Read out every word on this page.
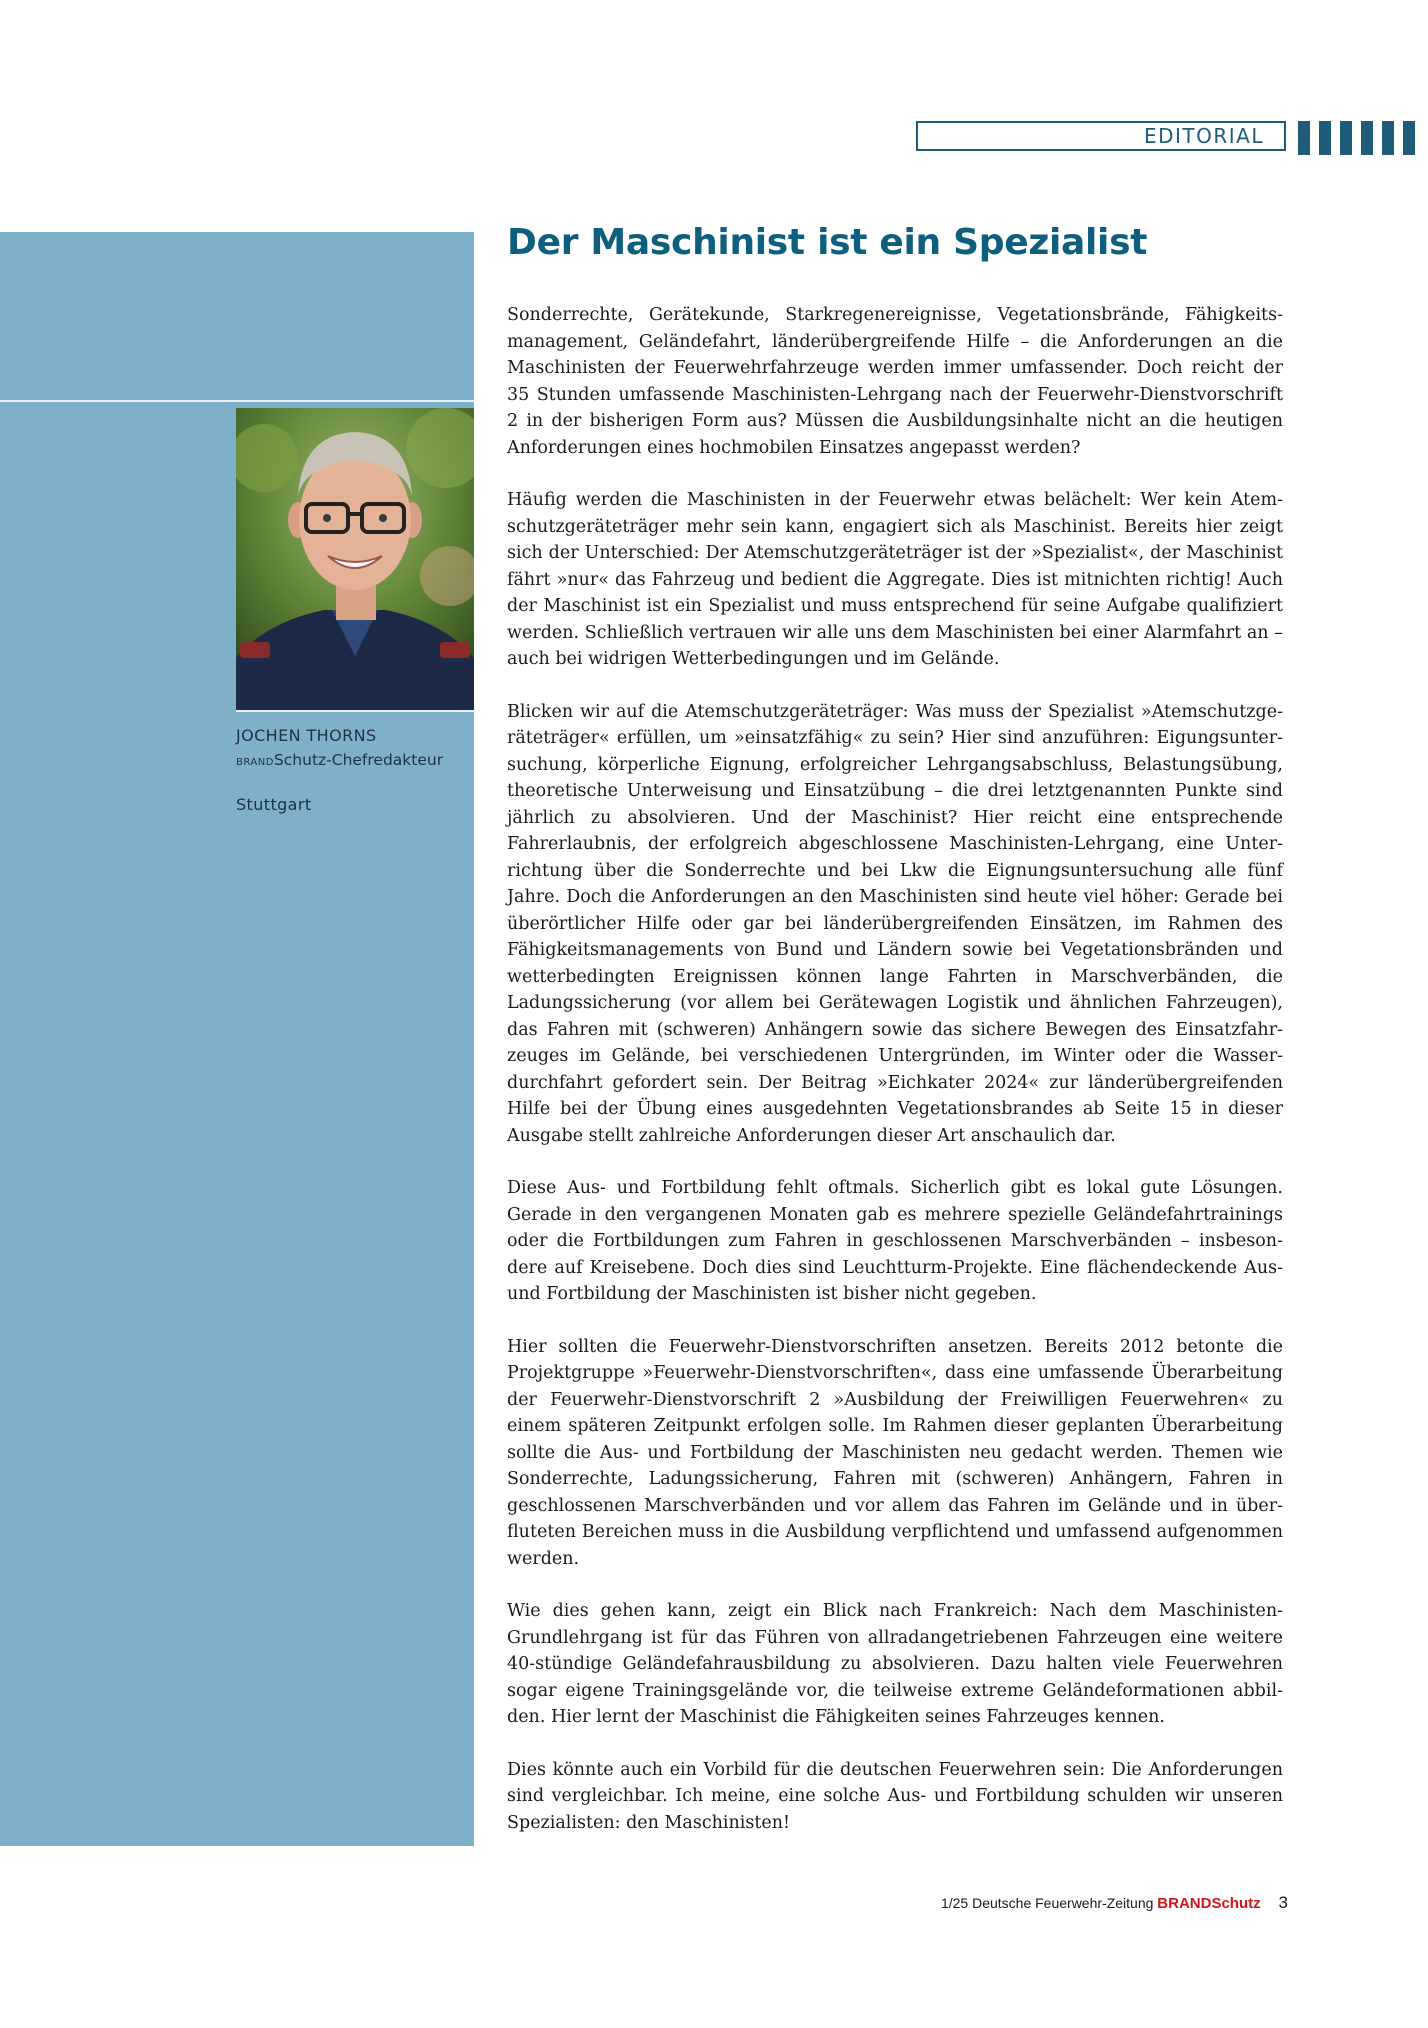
EDITORIAL
JOCHEN THORNS
BRANDSchutz-Chefredakteur
Stuttgart
Der Maschinist ist ein Spezialist

Sonderrechte, Gerätekunde, Starkregenereignisse, Vegetationsbrände, Fähigkeitsmanagement, Geländefahrt, länderübergreifende Hilfe – die Anforderungen an die Maschinisten der Feuerwehrfahrzeuge werden immer umfassender. Doch reicht der 35 Stunden umfassende Maschinisten-Lehrgang nach der Feuerwehr-Dienstvorschrift 2 in der bisherigen Form aus? Müssen die Ausbildungsinhalte nicht an die heutigen Anforderungen eines hochmobilen Einsatzes angepasst werden?

Häufig werden die Maschinisten in der Feuerwehr etwas belächelt: Wer kein Atemschutzgeräteträger mehr sein kann, engagiert sich als Maschinist. Bereits hier zeigt sich der Unterschied: Der Atemschutzgeräteträger ist der »Spezialist«, der Maschinist fährt »nur« das Fahrzeug und bedient die Aggregate. Dies ist mitnichten richtig! Auch der Maschinist ist ein Spezialist und muss entsprechend für seine Aufgabe qualifiziert werden. Schließlich vertrauen wir alle uns dem Maschinisten bei einer Alarmfahrt an – auch bei widrigen Wetterbedingungen und im Gelände.

Blicken wir auf die Atemschutzgeräteträger: Was muss der Spezialist »Atemschutzgeräteträger« erfüllen, um »einsatzfähig« zu sein? Hier sind anzuführen: Eigungsuntersuchung, körperliche Eignung, erfolgreicher Lehrgangsabschluss, Belastungsübung, theoretische Unterweisung und Einsatzübung – die drei letztgenannten Punkte sind jährlich zu absolvieren. Und der Maschinist? Hier reicht eine entsprechende Fahrerlaubnis, der erfolgreich abgeschlossene Maschinisten-Lehrgang, eine Unterrichtung über die Sonderrechte und bei Lkw die Eignungsuntersuchung alle fünf Jahre. Doch die Anforderungen an den Maschinisten sind heute viel höher: Gerade bei überörtlicher Hilfe oder gar bei länderübergreifenden Einsätzen, im Rahmen des Fähigkeitsmanagements von Bund und Ländern sowie bei Vegetationsbränden und wetterbedingten Ereignissen können lange Fahrten in Marschverbänden, die Ladungssicherung (vor allem bei Gerätewagen Logistik und ähnlichen Fahrzeugen), das Fahren mit (schweren) Anhängern sowie das sichere Bewegen des Einsatzfahrzeuges im Gelände, bei verschiedenen Untergründen, im Winter oder die Wasserdurchfahrt gefordert sein. Der Beitrag »Eichkater 2024« zur länderübergreifenden Hilfe bei der Übung eines ausgedehnten Vegetationsbrandes ab Seite 15 in dieser Ausgabe stellt zahlreiche Anforderungen dieser Art anschaulich dar.

Diese Aus- und Fortbildung fehlt oftmals. Sicherlich gibt es lokal gute Lösungen. Gerade in den vergangenen Monaten gab es mehrere spezielle Geländefahrtrainings oder die Fortbildungen zum Fahren in geschlossenen Marschverbänden – insbesondere auf Kreisebene. Doch dies sind Leuchtturm-Projekte. Eine flächendeckende Aus- und Fortbildung der Maschinisten ist bisher nicht gegeben.

Hier sollten die Feuerwehr-Dienstvorschriften ansetzen. Bereits 2012 betonte die Projektgruppe »Feuerwehr-Dienstvorschriften«, dass eine umfassende Überarbeitung der Feuerwehr-Dienstvorschrift 2 »Ausbildung der Freiwilligen Feuerwehren« zu einem späteren Zeitpunkt erfolgen solle. Im Rahmen dieser geplanten Überarbeitung sollte die Aus- und Fortbildung der Maschinisten neu gedacht werden. Themen wie Sonderrechte, Ladungssicherung, Fahren mit (schweren) Anhängern, Fahren in geschlossenen Marschverbänden und vor allem das Fahren im Gelände und in überfluteten Bereichen muss in die Ausbildung verpflichtend und umfassend aufgenommen werden.

Wie dies gehen kann, zeigt ein Blick nach Frankreich: Nach dem Maschinisten-Grundlehrgang ist für das Führen von allradangetriebenen Fahrzeugen eine weitere 40-stündige Geländefahrausbildung zu absolvieren. Dazu halten viele Feuerwehren sogar eigene Trainingsgelände vor, die teilweise extreme Geländeformationen abbilden. Hier lernt der Maschinist die Fähigkeiten seines Fahrzeuges kennen.

Dies könnte auch ein Vorbild für die deutschen Feuerwehren sein: Die Anforderungen sind vergleichbar. Ich meine, eine solche Aus- und Fortbildung schulden wir unseren Spezialisten: den Maschinisten!

1/25 Deutsche Feuerwehr-Zeitung BRANDSchutz 3
